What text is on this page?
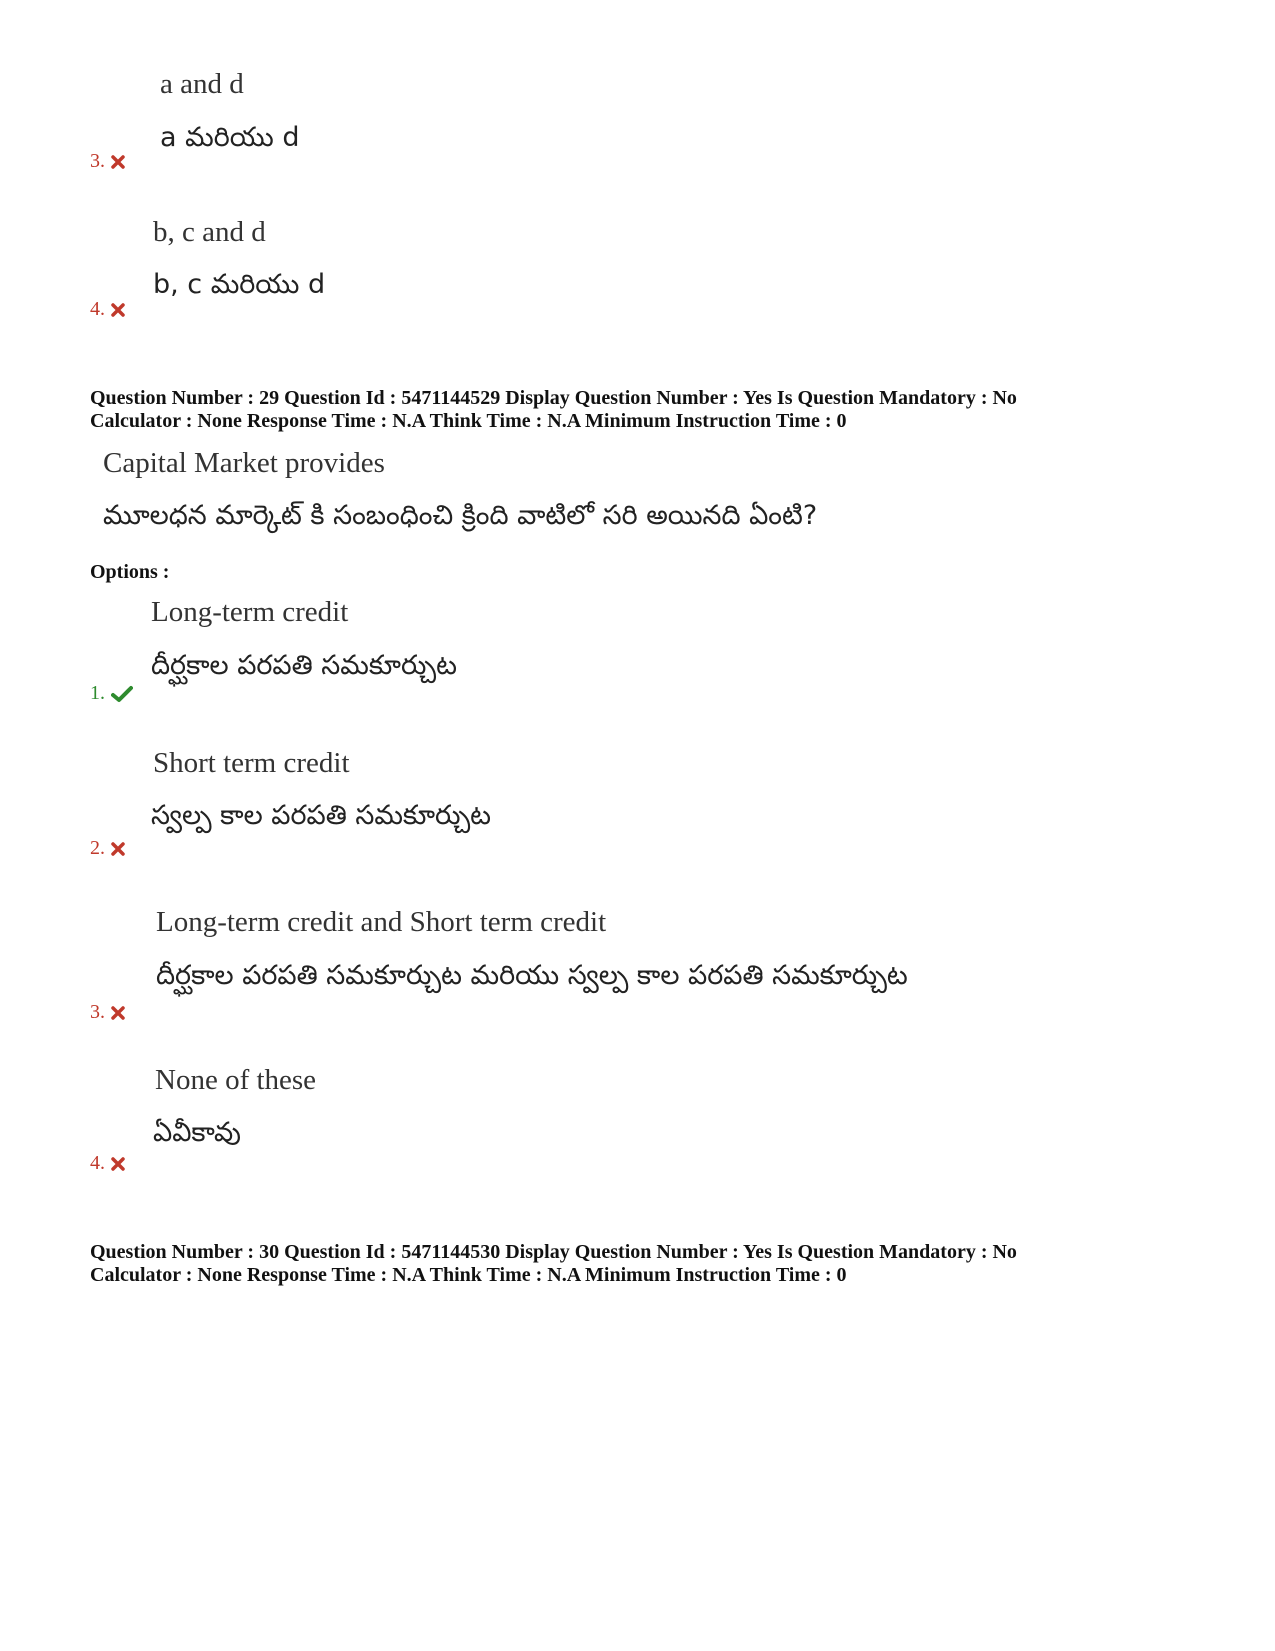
a and d
a మరియు d
3.
b, c and d
b, c మరియు d
4.
Question Number : 29 Question Id : 5471144529 Display Question Number : Yes Is Question Mandatory : No
Calculator : None Response Time : N.A Think Time : N.A Minimum Instruction Time : 0
Capital Market provides
మూలధన మార్కెట్ కి సంబంధించి క్రింది వాటిలో సరి అయినది ఏంటి?
Options :
Long-term credit
దీర్ఘకాల పరపతి సమకూర్చుట
1.
Short term credit
స్వల్ప కాల పరపతి సమకూర్చుట
2.
Long-term credit and Short term credit
దీర్ఘకాల పరపతి సమకూర్చుట మరియు స్వల్ప కాల పరపతి సమకూర్చుట
3.
None of these
ఏవీకావు
4.
Question Number : 30 Question Id : 5471144530 Display Question Number : Yes Is Question Mandatory : No
Calculator : None Response Time : N.A Think Time : N.A Minimum Instruction Time : 0
